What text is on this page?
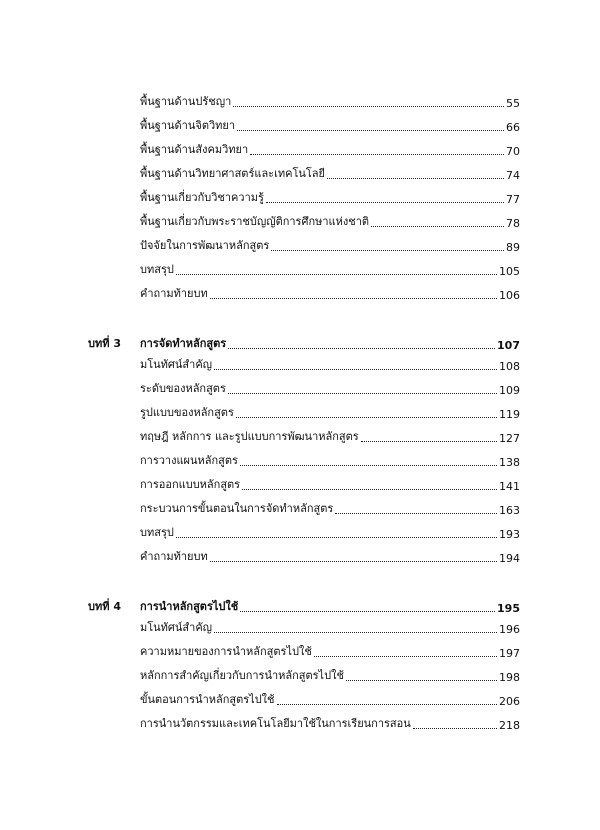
พื้นฐานด้านปรัชญา	55
พื้นฐานด้านจิตวิทยา	66
พื้นฐานด้านสังคมวิทยา	70
พื้นฐานด้านวิทยาศาสตร์และเทคโนโลยี	74
พื้นฐานเกี่ยวกับวิชาความรู้	77
พื้นฐานเกี่ยวกับพระราชบัญญัติการศึกษาแห่งชาติ	78
ปัจจัยในการพัฒนาหลักสูตร	89
บทสรุป	105
คำถามท้ายบท	106
บทที่ 3	การจัดทำหลักสูตร	107
มโนทัศน์สำคัญ	108
ระดับของหลักสูตร	109
รูปแบบของหลักสูตร	119
ทฤษฎี หลักการ และรูปแบบการพัฒนาหลักสูตร	127
การวางแผนหลักสูตร	138
การออกแบบหลักสูตร	141
กระบวนการขั้นตอนในการจัดทำหลักสูตร	163
บทสรุป	193
คำถามท้ายบท	194
บทที่ 4	การนำหลักสูตรไปใช้	195
มโนทัศน์สำคัญ	196
ความหมายของการนำหลักสูตรไปใช้	197
หลักการสำคัญเกี่ยวกับการนำหลักสูตรไปใช้	198
ขั้นตอนการนำหลักสูตรไปใช้	206
การนำนวัตกรรมและเทคโนโลยีมาใช้ในการเรียนการสอน	218
